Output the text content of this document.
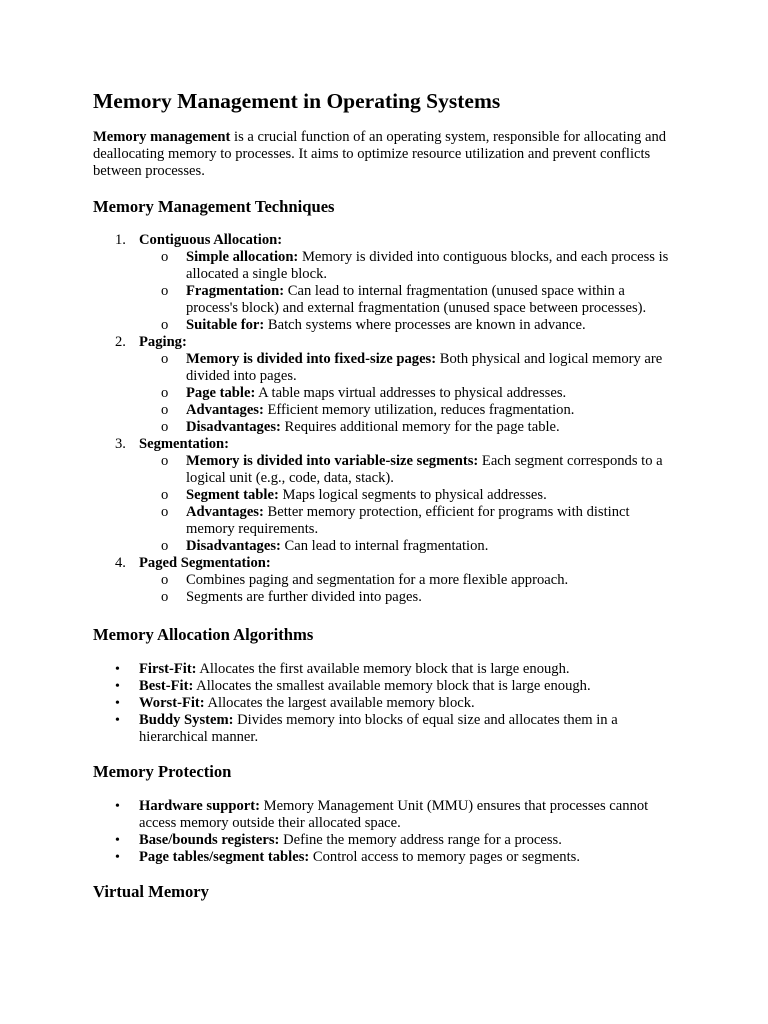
Memory Management in Operating Systems

Memory management is a crucial function of an operating system, responsible for allocating and deallocating memory to processes. It aims to optimize resource utilization and prevent conflicts between processes.

Memory Management Techniques
1. Contiguous Allocation:
o Simple allocation: Memory is divided into contiguous blocks, and each process is allocated a single block.
o Fragmentation: Can lead to internal fragmentation (unused space within a process's block) and external fragmentation (unused space between processes).
o Suitable for: Batch systems where processes are known in advance.
2. Paging:
o Memory is divided into fixed-size pages: Both physical and logical memory are divided into pages.
o Page table: A table maps virtual addresses to physical addresses.
o Advantages: Efficient memory utilization, reduces fragmentation.
o Disadvantages: Requires additional memory for the page table.
3. Segmentation:
o Memory is divided into variable-size segments: Each segment corresponds to a logical unit (e.g., code, data, stack).
o Segment table: Maps logical segments to physical addresses.
o Advantages: Better memory protection, efficient for programs with distinct memory requirements.
o Disadvantages: Can lead to internal fragmentation.
4. Paged Segmentation:
o Combines paging and segmentation for a more flexible approach.
o Segments are further divided into pages.
Memory Allocation Algorithms
• First-Fit: Allocates the first available memory block that is large enough.
• Best-Fit: Allocates the smallest available memory block that is large enough.
• Worst-Fit: Allocates the largest available memory block.
• Buddy System: Divides memory into blocks of equal size and allocates them in a hierarchical manner.
Memory Protection
• Hardware support: Memory Management Unit (MMU) ensures that processes cannot access memory outside their allocated space.
• Base/bounds registers: Define the memory address range for a process.
• Page tables/segment tables: Control access to memory pages or segments.
Virtual Memory
